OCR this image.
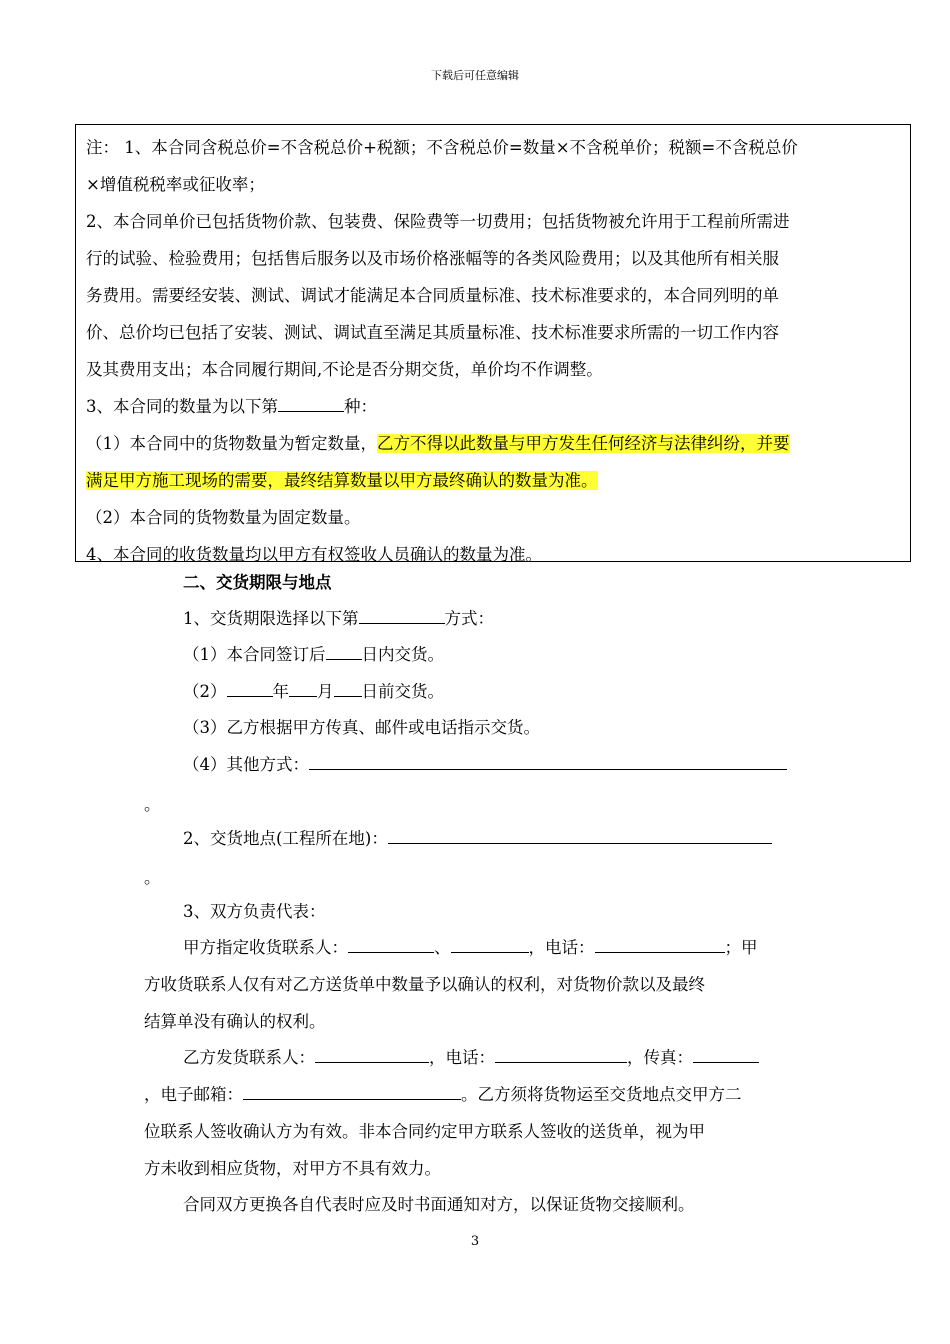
下载后可任意编辑

注： 1、本合同含税总价=不含税总价+税额；不含税总价=数量×不含税单价；税额=不含税总价

×增值税税率或征收率；

2、本合同单价已包括货物价款、包装费、保险费等一切费用；包括货物被允许用于工程前所需进

行的试验、检验费用；包括售后服务以及市场价格涨幅等的各类风险费用；以及其他所有相关服

务费用。需要经安装、测试、调试才能满足本合同质量标准、技术标准要求的，本合同列明的单

价、总价均已包括了安装、测试、调试直至满足其质量标准、技术标准要求所需的一切工作内容

及其费用支出；本合同履行期间,不论是否分期交货，单价均不作调整。

3、本合同的数量为以下第	种：

（1）本合同中的货物数量为暂定数量，乙方不得以此数量与甲方发生任何经济与法律纠纷，并要

满足甲方施工现场的需要，最终结算数量以甲方最终确认的数量为准。

（2）本合同的货物数量为固定数量。

4、本合同的收货数量均以甲方有权签收人员确认的数量为准。

二、交货期限与地点
1、交货期限选择以下第	方式：
（1）本合同签订后 日内交货。
（2）	年 月 日前交货。
（3）乙方根据甲方传真、邮件或电话指示交货。
（4）其他方式：
。
2、交货地点(工程所在地)：
。
3、双方负责代表：
甲方指定收货联系人：	、	，电话：	；甲
方收货联系人仅有对乙方送货单中数量予以确认的权利，对货物价款以及最终
结算单没有确认的权利。
乙方发货联系人：	，电话：	，传真：
，电子邮箱：	。乙方须将货物运至交货地点交甲方二
位联系人签收确认方为有效。非本合同约定甲方联系人签收的送货单，视为甲
方未收到相应货物，对甲方不具有效力。
合同双方更换各自代表时应及时书面通知对方，以保证货物交接顺利。
3
